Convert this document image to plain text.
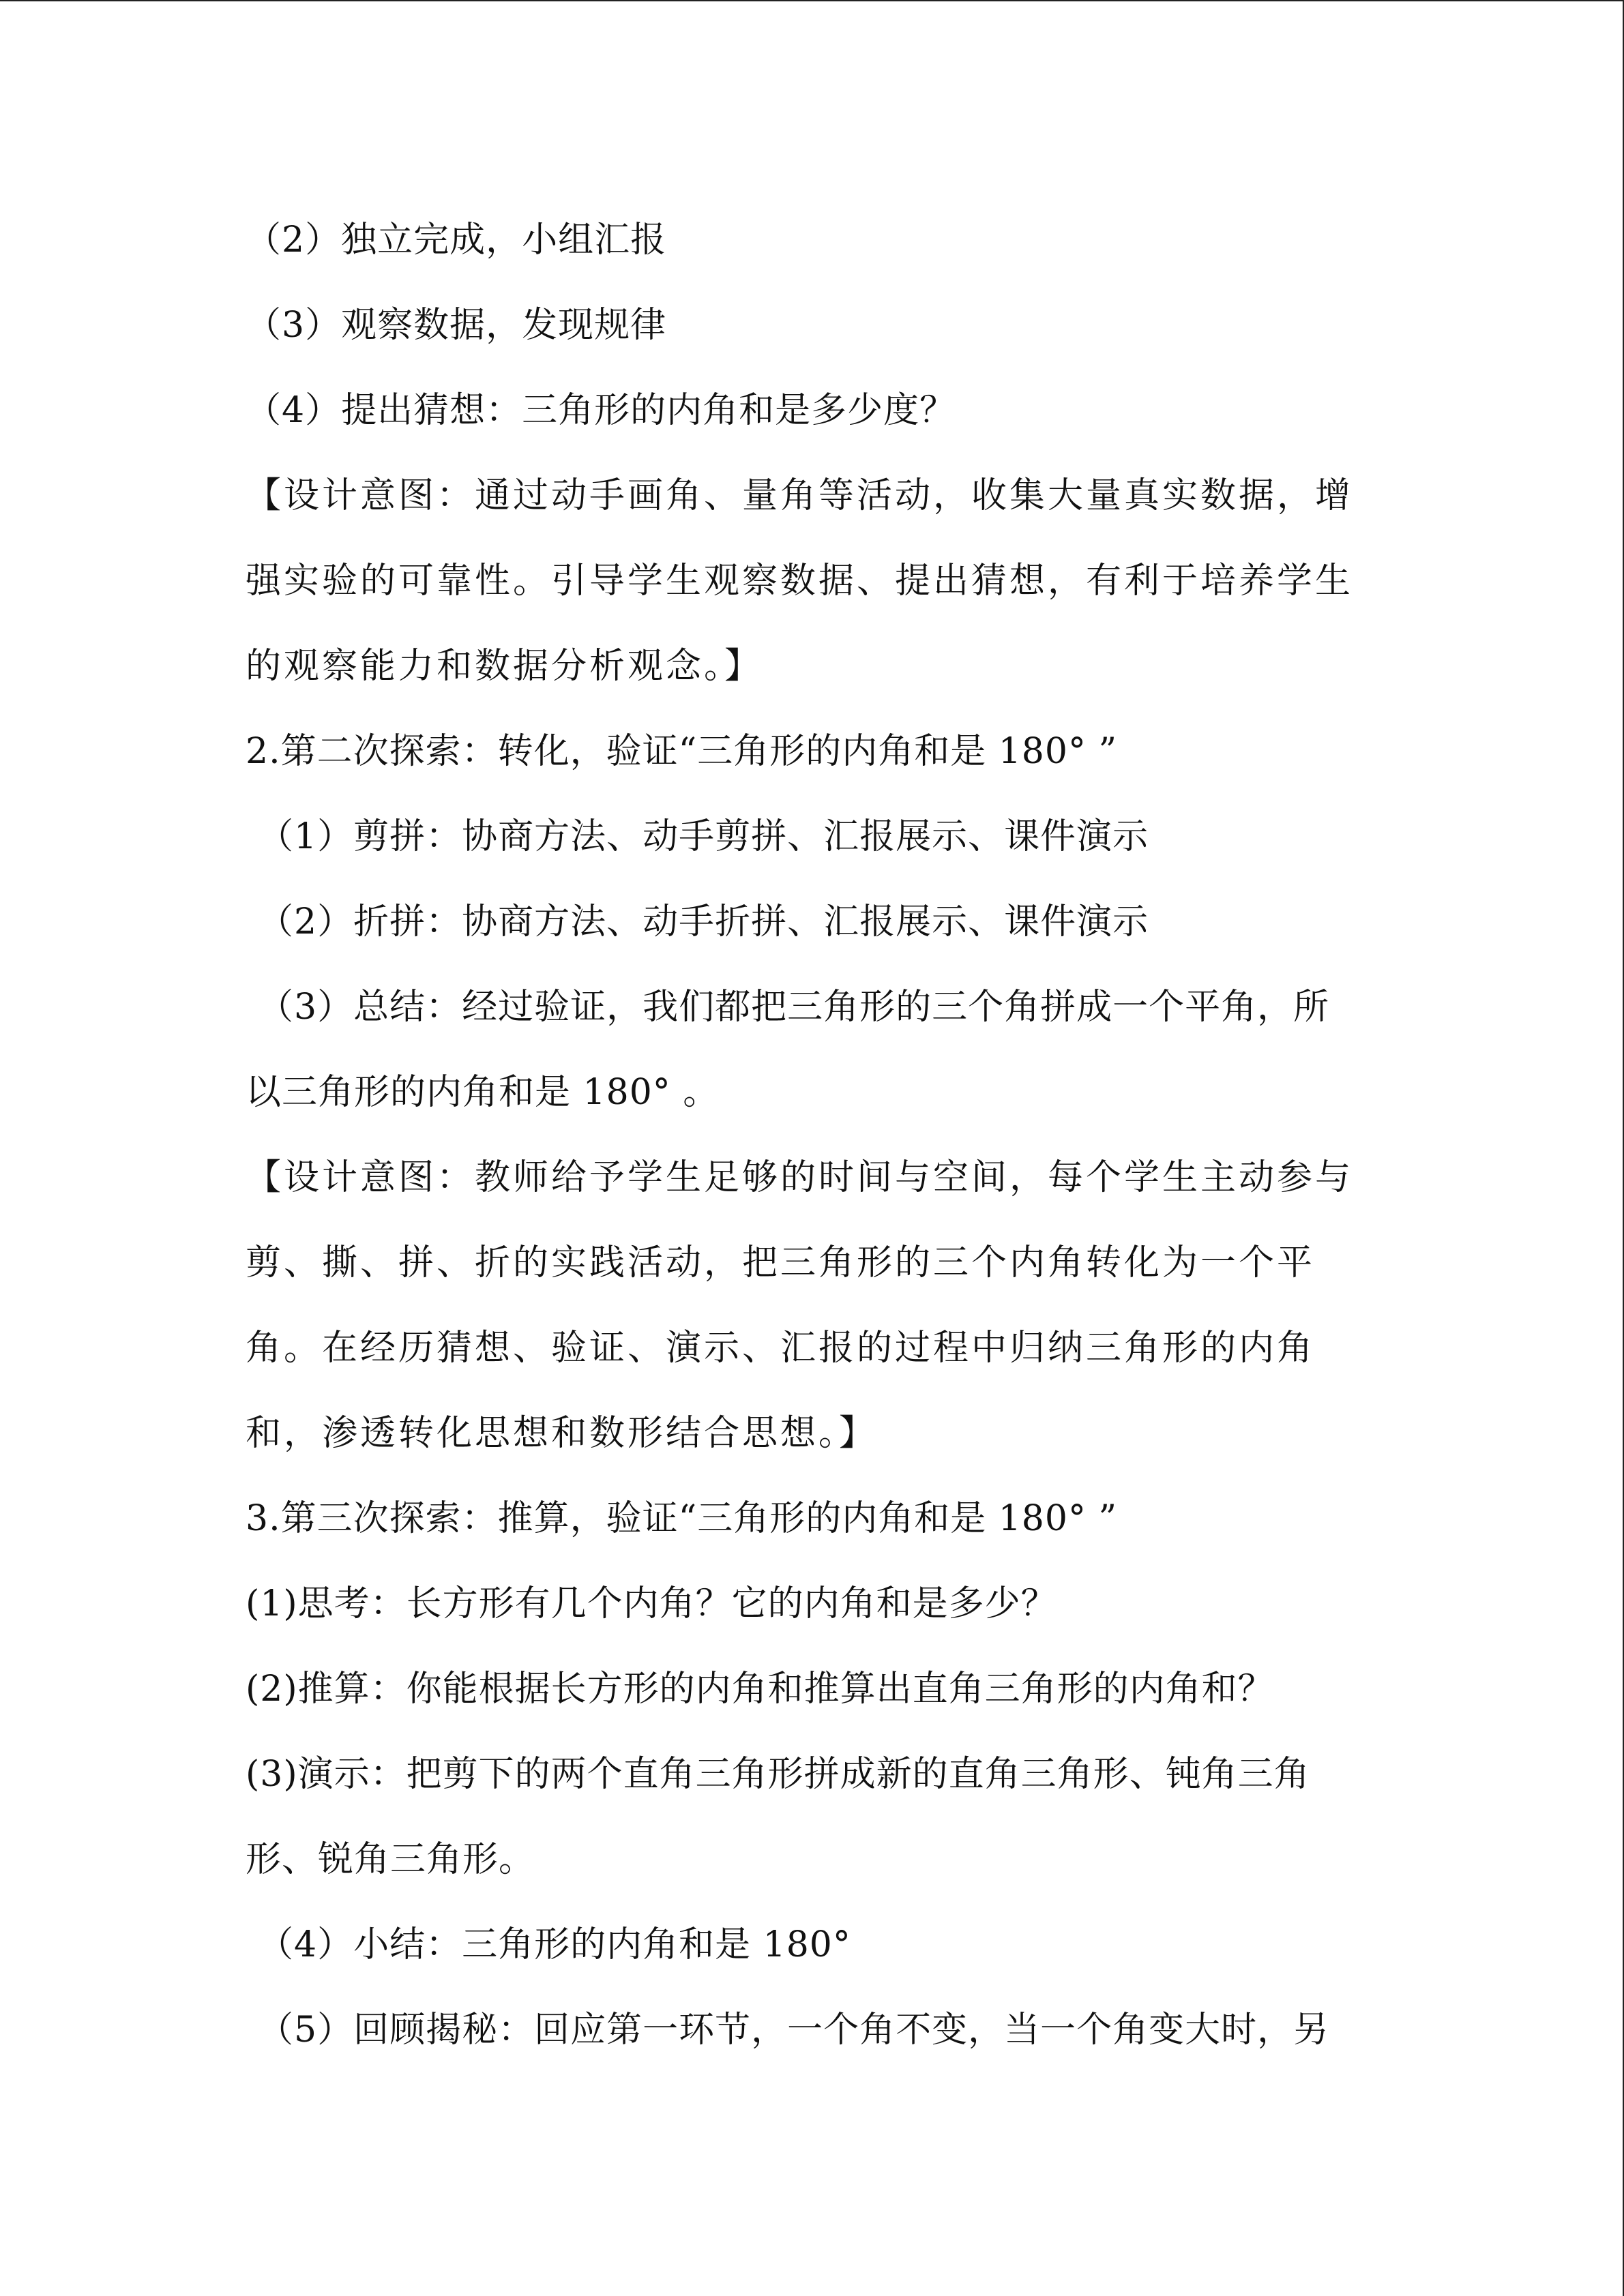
（2）独立完成，小组汇报
（3）观察数据，发现规律
（4）提出猜想：三角形的内角和是多少度？
【设计意图：通过动手画角、量角等活动，收集大量真实数据，增
强实验的可靠性。引导学生观察数据、提出猜想，有利于培养学生
的观察能力和数据分析观念。】
2.第二次探索：转化，验证“三角形的内角和是 180° ”
（1）剪拼：协商方法、动手剪拼、汇报展示、课件演示
（2）折拼：协商方法、动手折拼、汇报展示、课件演示
（3）总结：经过验证，我们都把三角形的三个角拼成一个平角，所
以三角形的内角和是 180° 。
【设计意图：教师给予学生足够的时间与空间，每个学生主动参与
剪、撕、拼、折的实践活动，把三角形的三个内角转化为一个平
角。在经历猜想、验证、演示、汇报的过程中归纳三角形的内角
和，渗透转化思想和数形结合思想。】
3.第三次探索：推算，验证“三角形的内角和是 180° ”
(1)思考：长方形有几个内角？它的内角和是多少？
(2)推算：你能根据长方形的内角和推算出直角三角形的内角和？
(3)演示：把剪下的两个直角三角形拼成新的直角三角形、钝角三角
形、锐角三角形。
（4）小结：三角形的内角和是 180°
（5）回顾揭秘：回应第一环节，一个角不变，当一个角变大时，另
